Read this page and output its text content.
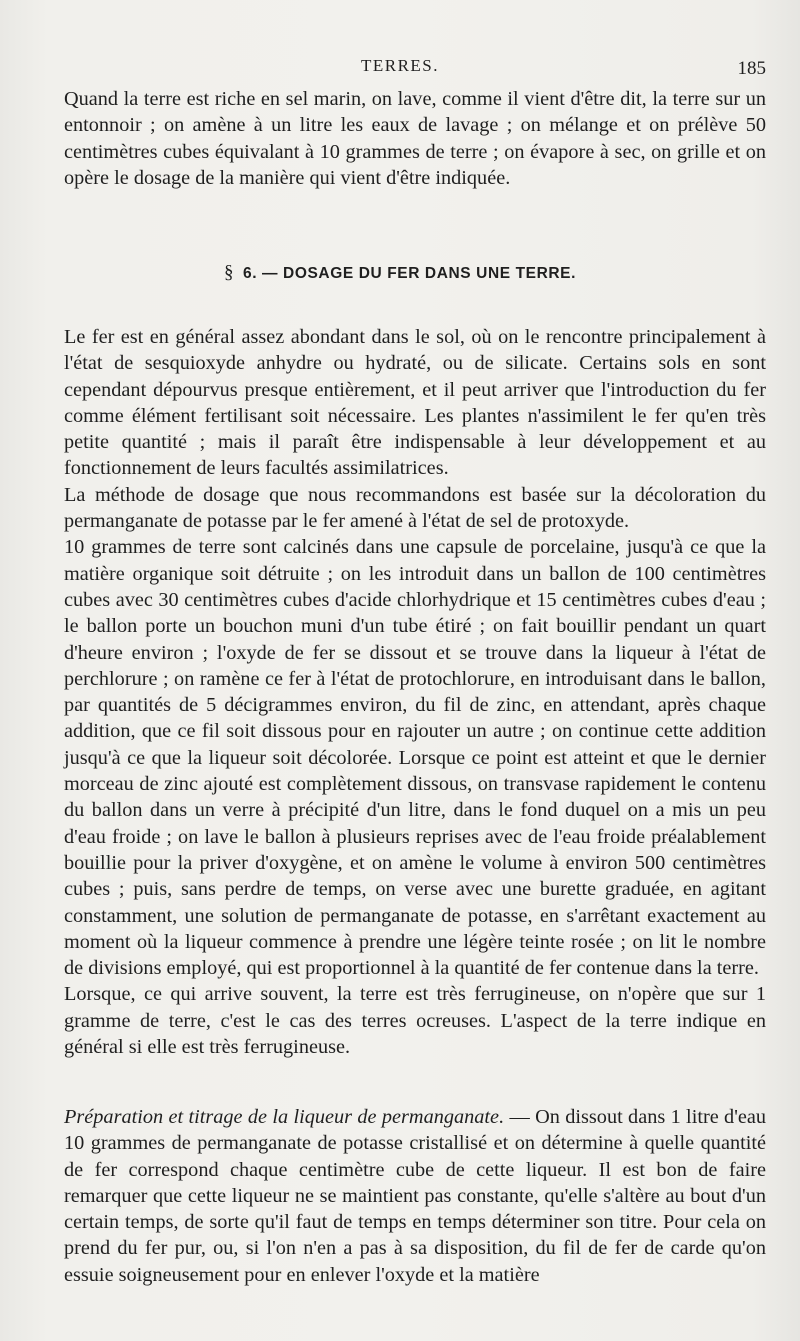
TERRES.	185

Quand la terre est riche en sel marin, on lave, comme il vient d'être dit, la terre sur un entonnoir ; on amène à un litre les eaux de lavage ; on mélange et on prélève 50 centimètres cubes équivalant à 10 grammes de terre ; on évapore à sec, on grille et on opère le dosage de la manière qui vient d'être indiquée.

§ 6. — DOSAGE DU FER DANS UNE TERRE.

Le fer est en général assez abondant dans le sol, où on le rencontre principalement à l'état de sesquioxyde anhydre ou hydraté, ou de silicate. Certains sols en sont cependant dépourvus presque entièrement, et il peut arriver que l'introduction du fer comme élément fertilisant soit nécessaire. Les plantes n'assimilent le fer qu'en très petite quantité ; mais il paraît être indispensable à leur développement et au fonctionnement de leurs facultés assimilatrices.

La méthode de dosage que nous recommandons est basée sur la décoloration du permanganate de potasse par le fer amené à l'état de sel de protoxyde.

10 grammes de terre sont calcinés dans une capsule de porcelaine, jusqu'à ce que la matière organique soit détruite ; on les introduit dans un ballon de 100 centimètres cubes avec 30 centimètres cubes d'acide chlorhydrique et 15 centimètres cubes d'eau ; le ballon porte un bouchon muni d'un tube étiré ; on fait bouillir pendant un quart d'heure environ ; l'oxyde de fer se dissout et se trouve dans la liqueur à l'état de perchlorure ; on ramène ce fer à l'état de protochlorure, en introduisant dans le ballon, par quantités de 5 décigrammes environ, du fil de zinc, en attendant, après chaque addition, que ce fil soit dissous pour en rajouter un autre ; on continue cette addition jusqu'à ce que la liqueur soit décolorée. Lorsque ce point est atteint et que le dernier morceau de zinc ajouté est complètement dissous, on transvase rapidement le contenu du ballon dans un verre à précipité d'un litre, dans le fond duquel on a mis un peu d'eau froide ; on lave le ballon à plusieurs reprises avec de l'eau froide préalablement bouillie pour la priver d'oxygène, et on amène le volume à environ 500 centimètres cubes ; puis, sans perdre de temps, on verse avec une burette graduée, en agitant constamment, une solution de permanganate de potasse, en s'arrêtant exactement au moment où la liqueur commence à prendre une légère teinte rosée ; on lit le nombre de divisions employé, qui est proportionnel à la quantité de fer contenue dans la terre.

Lorsque, ce qui arrive souvent, la terre est très ferrugineuse, on n'opère que sur 1 gramme de terre, c'est le cas des terres ocreuses. L'aspect de la terre indique en général si elle est très ferrugineuse.

Préparation et titrage de la liqueur de permanganate. — On dissout dans 1 litre d'eau 10 grammes de permanganate de potasse cristallisé et on détermine à quelle quantité de fer correspond chaque centimètre cube de cette liqueur. Il est bon de faire remarquer que cette liqueur ne se maintient pas constante, qu'elle s'altère au bout d'un certain temps, de sorte qu'il faut de temps en temps déterminer son titre. Pour cela on prend du fer pur, ou, si l'on n'en a pas à sa disposition, du fil de fer de carde qu'on essuie soigneusement pour en enlever l'oxyde et la matière
